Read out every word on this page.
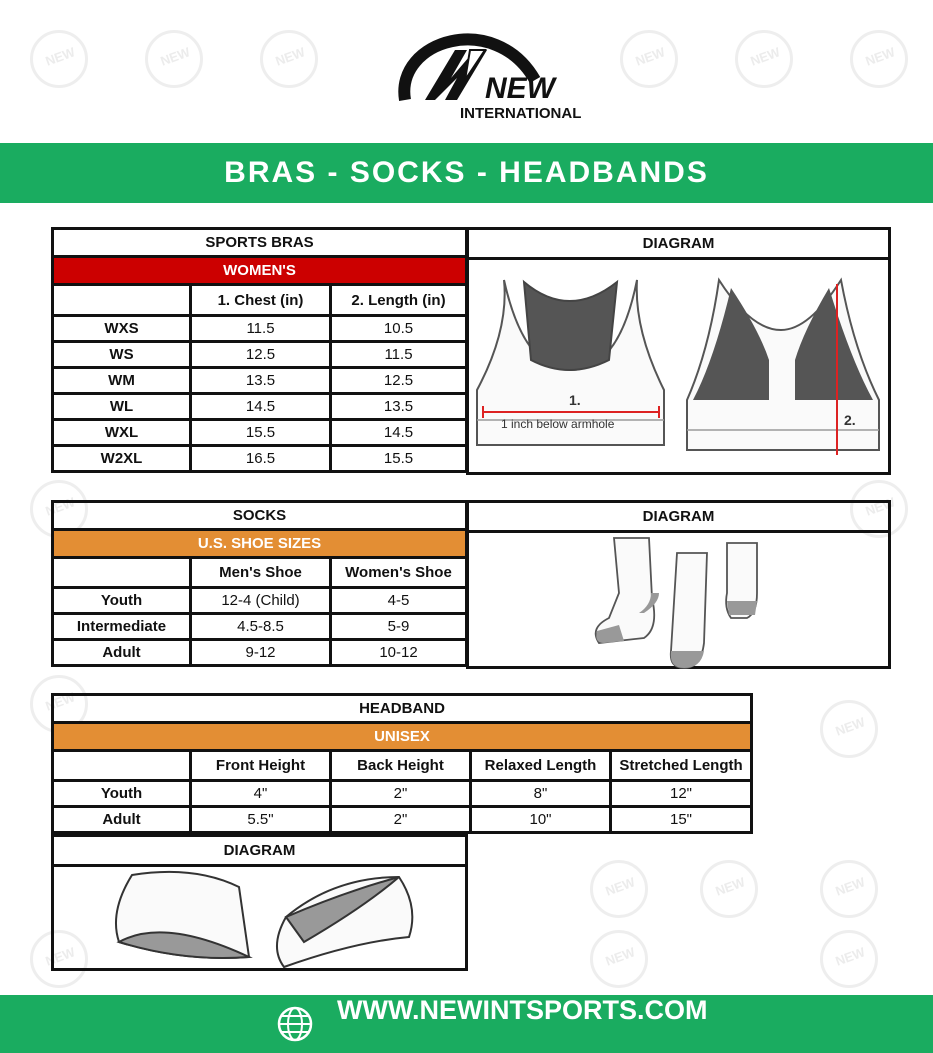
NEW
NEW
NEW
NEW
NEW
NEW
NEW
NEW
NEW
NEW
NEW
NEW
NEW
NEW
NEW
NEW
NEW
INTERNATIONAL
BRAS - SOCKS - HEADBANDS
SPORTS BRAS		
WOMEN'S		
	1. Chest (in)	2. Length (in)
WXS	11.5	10.5
WS	12.5	11.5
WM	13.5	12.5
WL	14.5	13.5
WXL	15.5	14.5
W2XL	16.5	15.5
DIAGRAM
1.
1 inch below armhole	2.
SOCKS		
U.S. SHOE SIZES		
	Men's Shoe	Women's Shoe
Youth	12-4 (Child)	4-5
Intermediate	4.5-8.5	5-9
Adult	9-12	10-12
DIAGRAM
HEADBAND				
UNISEX				
	Front Height	Back Height	Relaxed Length	Stretched Length
Youth	4"	2"	8"	12"
Adult	5.5"	2"	10"	15"
DIAGRAM
WWW.NEWINTSPORTS.COM
